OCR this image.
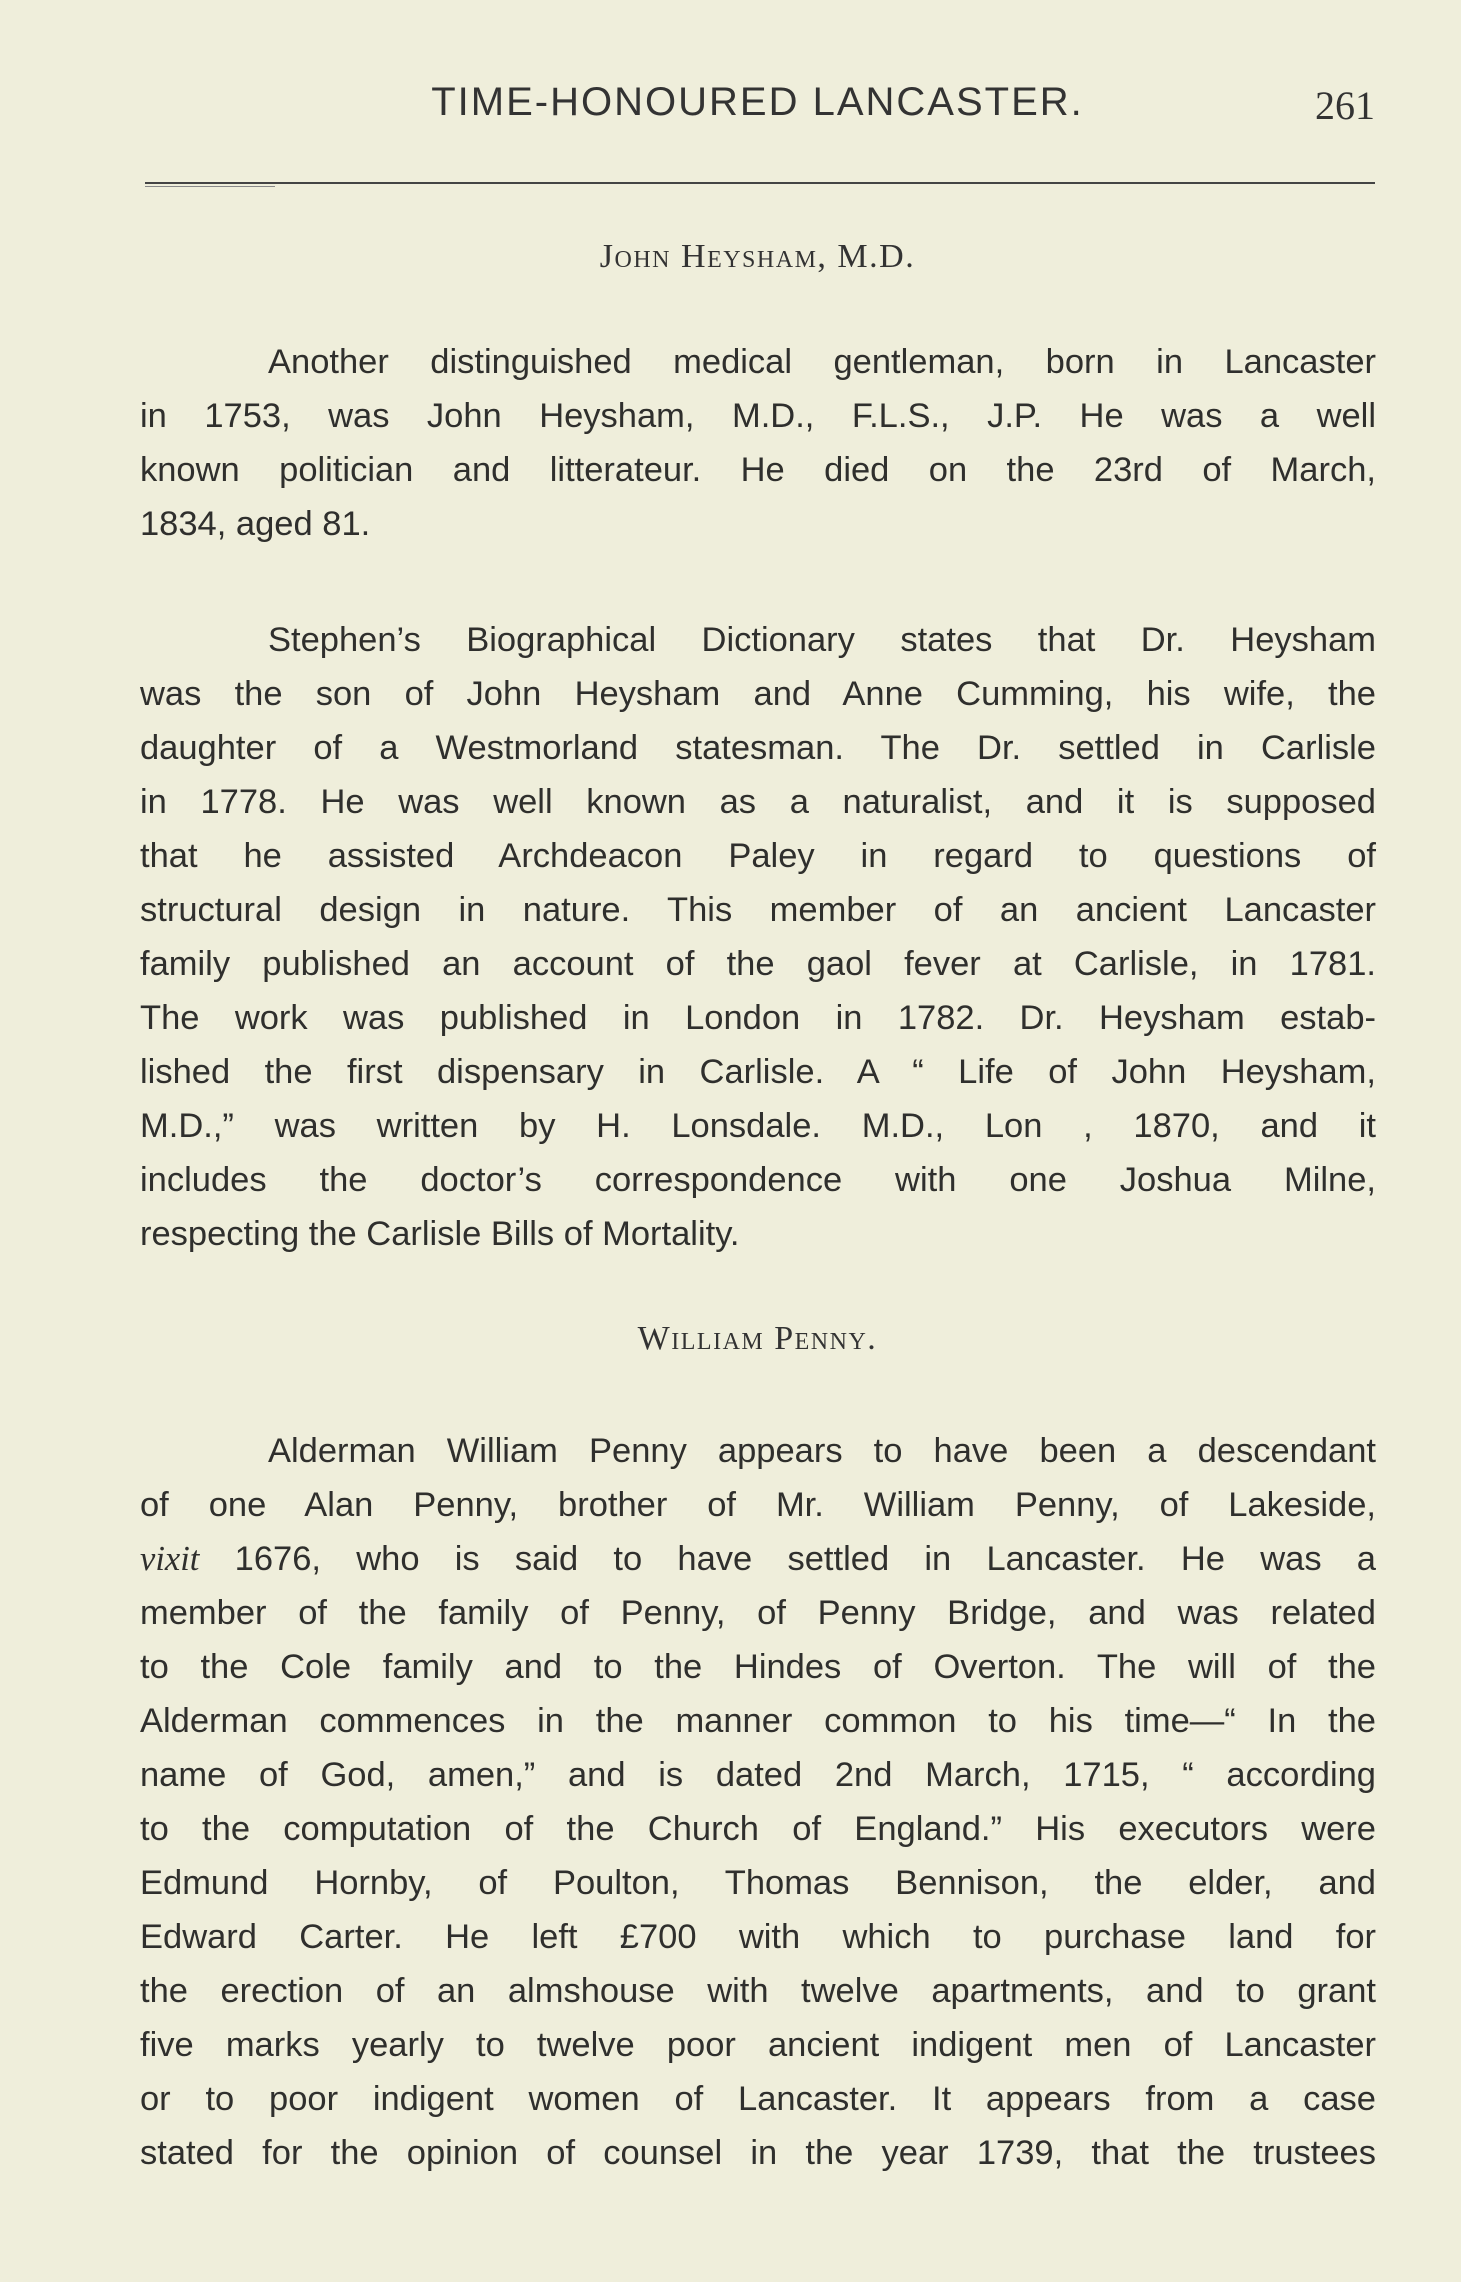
TIME-HONOURED LANCASTER.	261
John Heysham, M.D.
Another distinguished medical gentleman, born in Lancaster
in 1753, was John Heysham, M.D., F.L.S., J.P. He was a well
known politician and litterateur. He died on the 23rd of March,
1834, aged 81.
Stephen’s Biographical Dictionary states that Dr. Heysham
was the son of John Heysham and Anne Cumming, his wife, the
daughter of a Westmorland statesman. The Dr. settled in Carlisle
in 1778. He was well known as a naturalist, and it is supposed
that he assisted Archdeacon Paley in regard to questions of
structural design in nature. This member of an ancient Lancaster
family published an account of the gaol fever at Carlisle, in 1781.
The work was published in London in 1782. Dr. Heysham estab-
lished the first dispensary in Carlisle. A “ Life of John Heysham,
M.D.,” was written by H. Lonsdale. M.D., Lon , 1870, and it
includes the doctor’s correspondence with one Joshua Milne,
respecting the Carlisle Bills of Mortality.
William Penny.
Alderman William Penny appears to have been a descendant
of one Alan Penny, brother of Mr. William Penny, of Lakeside,
vixit 1676, who is said to have settled in Lancaster. He was a
member of the family of Penny, of Penny Bridge, and was related
to the Cole family and to the Hindes of Overton. The will of the
Alderman commences in the manner common to his time—“ In the
name of God, amen,” and is dated 2nd March, 1715, “ according
to the computation of the Church of England.” His executors were
Edmund Hornby, of Poulton, Thomas Bennison, the elder, and
Edward Carter. He left £700 with which to purchase land for
the erection of an almshouse with twelve apartments, and to grant
five marks yearly to twelve poor ancient indigent men of Lancaster
or to poor indigent women of Lancaster. It appears from a case
stated for the opinion of counsel in the year 1739, that the trustees
